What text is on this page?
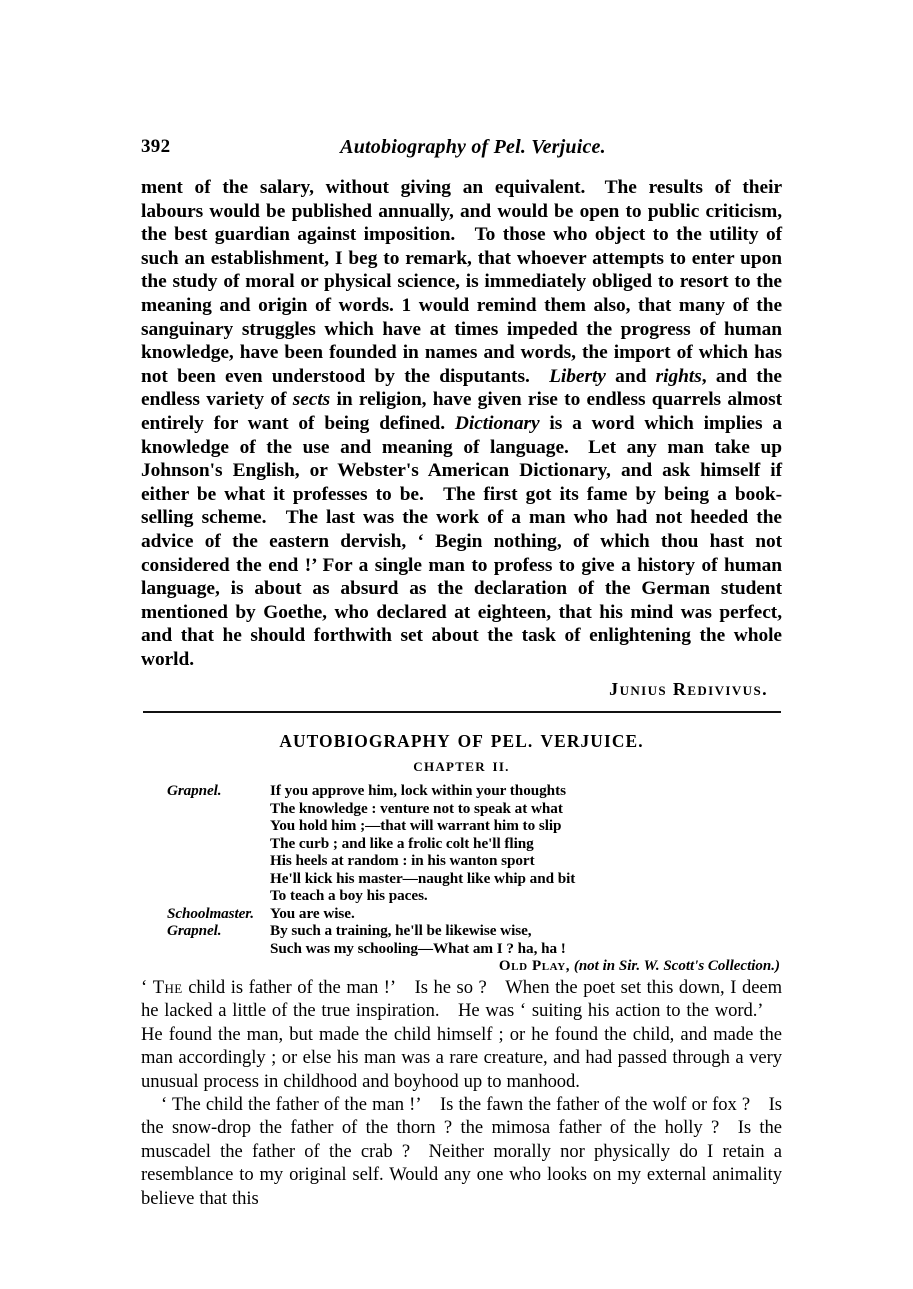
392	Autobiography of Pel. Verjuice.

ment of the salary, without giving an equivalent. The results of their labours would be published annually, and would be open to public criticism, the best guardian against imposition. To those who object to the utility of such an establishment, I beg to remark, that whoever attempts to enter upon the study of moral or physical science, is immediately obliged to resort to the meaning and origin of words. 1 would remind them also, that many of the sanguinary struggles which have at times impeded the progress of human knowledge, have been founded in names and words, the import of which has not been even understood by the disputants. Liberty and rights, and the endless variety of sects in religion, have given rise to endless quarrels almost entirely for want of being defined. Dictionary is a word which implies a knowledge of the use and meaning of language. Let any man take up Johnson's English, or Webster's American Dictionary, and ask himself if either be what it professes to be. The first got its fame by being a book-selling scheme. The last was the work of a man who had not heeded the advice of the eastern dervish, ‘ Begin nothing, of which thou hast not considered the end !’ For a single man to profess to give a history of human language, is about as absurd as the declaration of the German student mentioned by Goethe, who declared at eighteen, that his mind was perfect, and that he should forthwith set about the task of enlightening the whole world.

Junius Redivivus.

AUTOBIOGRAPHY OF PEL. VERJUICE.
CHAPTER II.
Grapnel.	If you approve him, lock within your thoughts
The knowledge : venture not to speak at what
You hold him ;—that will warrant him to slip
The curb ; and like a frolic colt he'll fling
His heels at random : in his wanton sport
He'll kick his master—naught like whip and bit
To teach a boy his paces.
Schoolmaster.	You are wise.
Grapnel.	By such a training, he'll be likewise wise,
Such was my schooling—What am I ? ha, ha !
Old Play, (not in Sir. W. Scott's Collection.)

‘ The child is father of the man !’ Is he so ? When the poet set this down, I deem he lacked a little of the true inspiration. He was ‘ suiting his action to the word.’ He found the man, but made the child himself ; or he found the child, and made the man accordingly ; or else his man was a rare creature, and had passed through a very unusual process in childhood and boyhood up to manhood.

‘ The child the father of the man !’ Is the fawn the father of the wolf or fox ? Is the snow-drop the father of the thorn ? the mimosa father of the holly ? Is the muscadel the father of the crab ? Neither morally nor physically do I retain a resemblance to my original self. Would any one who looks on my external animality believe that this
